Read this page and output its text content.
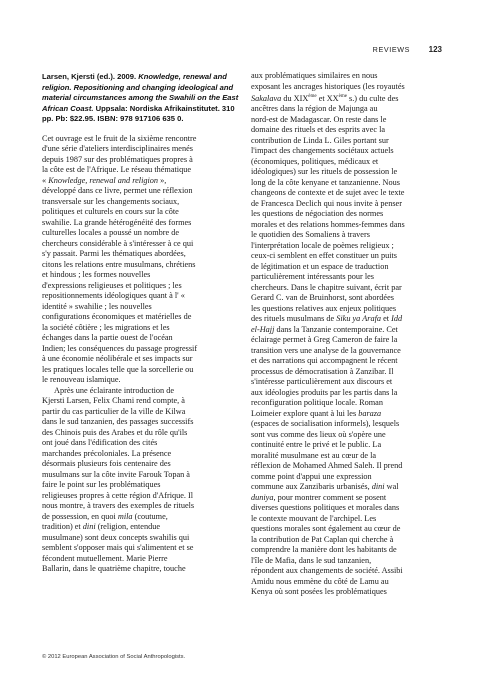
REVIEWS 123
Larsen, Kjersti (ed.). 2009. Knowledge, renewal and religion. Repositioning and changing ideological and material circumstances among the Swahili on the East African Coast. Uppsala: Nordiska Afrikainstitutet. 310 pp. Pb: $22.95. ISBN: 978 917106 635 0.
Cet ouvrage est le fruit de la sixième rencontre
d'une série d'ateliers interdisciplinaires menés
depuis 1987 sur des problématiques propres à
la côte est de l'Afrique. Le réseau thématique
« Knowledge, renewal and religion »,
développé dans ce livre, permet une réflexion
transversale sur les changements sociaux,
politiques et culturels en cours sur la côte
swahilie. La grande hétérogénéité des formes
culturelles locales a poussé un nombre de
chercheurs considérable à s'intéresser à ce qui
s'y passait. Parmi les thématiques abordées,
citons les relations entre musulmans, chrétiens
et hindous ; les formes nouvelles
d'expressions religieuses et politiques ; les
repositionnements idéologiques quant à l' «
identité » swahilie ; les nouvelles
configurations économiques et matérielles de
la société côtière ; les migrations et les
échanges dans la partie ouest de l'océan
Indien; les conséquences du passage progressif
à une économie néolibérale et ses impacts sur
les pratiques locales telle que la sorcellerie ou
le renouveau islamique.
Après une éclairante introduction de
Kjersti Larsen, Felix Chami rend compte, à
partir du cas particulier de la ville de Kilwa
dans le sud tanzanien, des passages successifs
des Chinois puis des Arabes et du rôle qu'ils
ont joué dans l'édification des cités
marchandes précoloniales. La présence
désormais plusieurs fois centenaire des
musulmans sur la côte invite Farouk Topan à
faire le point sur les problématiques
religieuses propres à cette région d'Afrique. Il
nous montre, à travers des exemples de rituels
de possession, en quoi mila (coutume,
tradition) et dini (religion, entendue
musulmane) sont deux concepts swahilis qui
semblent s'opposer mais qui s'alimentent et se
fécondent mutuellement. Marie Pierre
Ballarin, dans le quatrième chapitre, touche
aux problématiques similaires en nous
exposant les ancrages historiques (les royautés
Sakalava du XIXème et XXème s.) du culte des
ancêtres dans la région de Majunga au
nord-est de Madagascar. On reste dans le
domaine des rituels et des esprits avec la
contribution de Linda L. Giles portant sur
l'impact des changements sociétaux actuels
(économiques, politiques, médicaux et
idéologiques) sur les rituels de possession le
long de la côte kenyane et tanzanienne. Nous
changeons de contexte et de sujet avec le texte
de Francesca Declich qui nous invite à penser
les questions de négociation des normes
morales et des relations hommes-femmes dans
le quotidien des Somaliens à travers
l'interprétation locale de poèmes religieux ;
ceux-ci semblent en effet constituer un puits
de légitimation et un espace de traduction
particulièrement intéressants pour les
chercheurs. Dans le chapitre suivant, écrit par
Gerard C. van de Bruinhorst, sont abordées
les questions relatives aux enjeux politiques
des rituels musulmans de Siku ya Arafa et Idd
el-Hajj dans la Tanzanie contemporaine. Cet
éclairage permet à Greg Cameron de faire la
transition vers une analyse de la gouvernance
et des narrations qui accompagnent le récent
processus de démocratisation à Zanzibar. Il
s'intéresse particulièrement aux discours et
aux idéologies produits par les partis dans la
reconfiguration politique locale. Roman
Loimeier explore quant à lui les baraza
(espaces de socialisation informels), lesquels
sont vus comme des lieux où s'opère une
continuité entre le privé et le public. La
moralité musulmane est au cœur de la
réflexion de Mohamed Ahmed Saleh. Il prend
comme point d'appui une expression
commune aux Zanzibaris urbanisés, dini wal
duniya, pour montrer comment se posent
diverses questions politiques et morales dans
le contexte mouvant de l'archipel. Les
questions morales sont également au cœur de
la contribution de Pat Caplan qui cherche à
comprendre la manière dont les habitants de
l'île de Mafia, dans le sud tanzanien,
répondent aux changements de société. Assibi
Amidu nous emmène du côté de Lamu au
Kenya où sont posées les problématiques
© 2012 European Association of Social Anthropologists.
